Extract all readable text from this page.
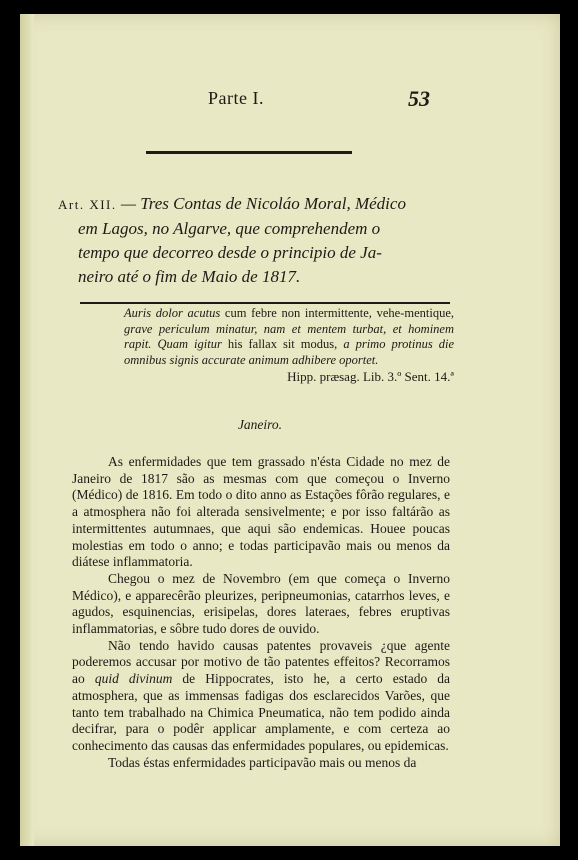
Parte I.	53
Art. XII. — Tres Contas de Nicoláo Moral, Médico
em Lagos, no Algarve, que comprehendem o
tempo que decorreo desde o principio de Ja-
neiro até o fim de Maio de 1817.
Auris dolor acutus cum febre non intermittente, vehe-mentique, grave periculum minatur, nam et mentem turbat, et hominem rapit. Quam igitur his fallax sit modus, a primo protinus die omnibus signis accurate animum adhibere oportet.
Hipp. præsag. Lib. 3.º Sent. 14.ª
Janeiro.

As enfermidades que tem grassado n'ésta Cidade no mez de Janeiro de 1817 são as mesmas com que começou o Inverno (Médico) de 1816. Em todo o dito anno as Estações fôrão regulares, e a atmosphera não foi alterada sensivelmente; e por isso faltárão as intermittentes autumnaes, que aqui são endemicas. Houee poucas molestias em todo o anno; e todas participavão mais ou menos da diátese inflammatoria.

Chegou o mez de Novembro (em que começa o Inverno Médico), e apparecêrão pleurizes, peripneumonias, catarrhos leves, e agudos, esquinencias, erisipelas, dores lateraes, febres eruptivas inflammatorias, e sôbre tudo dores de ouvido.

Não tendo havido causas patentes provaveis ¿que agente poderemos accusar por motivo de tão patentes effeitos? Recorramos ao quid divinum de Hippocrates, isto he, a certo estado da atmosphera, que as immensas fadigas dos esclarecidos Varões, que tanto tem trabalhado na Chimica Pneumatica, não tem podido ainda decifrar, para o podêr applicar amplamente, e com certeza ao conhecimento das causas das enfermidades populares, ou epidemicas.

Todas éstas enfermidades participavão mais ou menos da
